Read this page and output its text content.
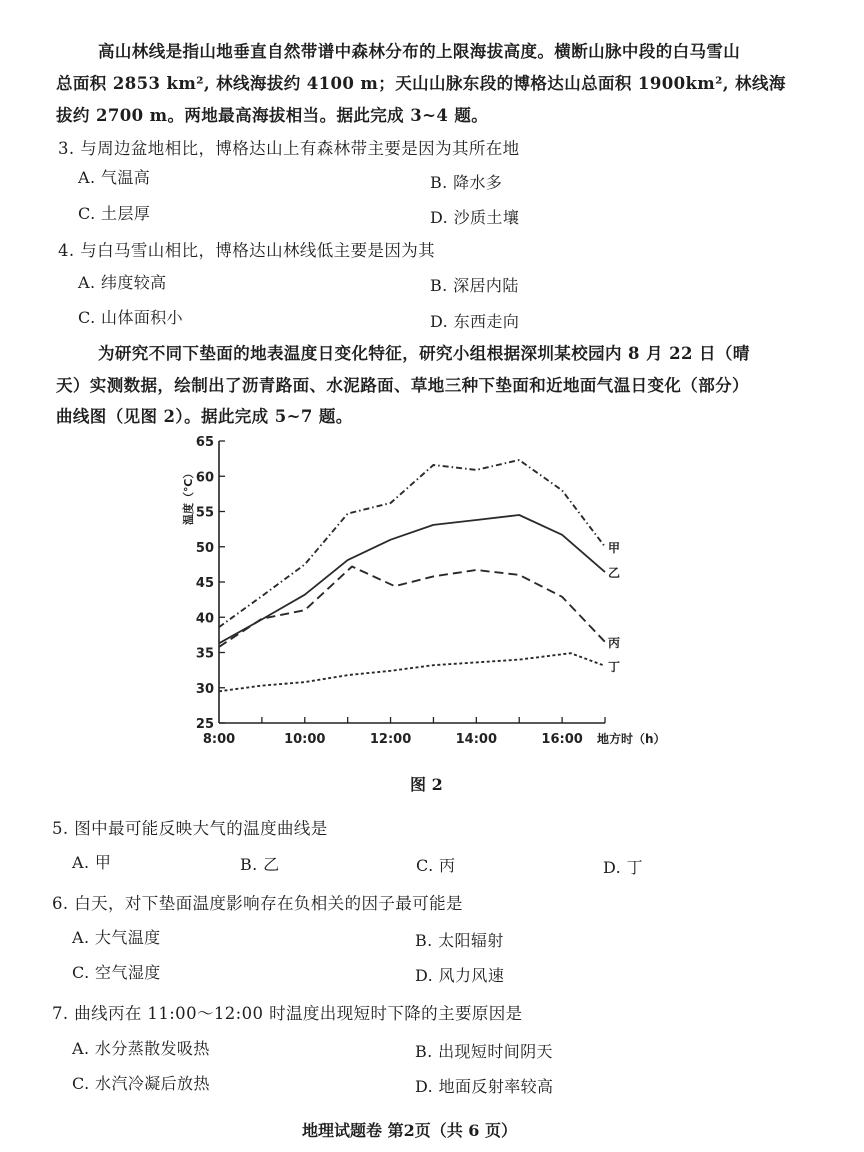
高山林线是指山地垂直自然带谱中森林分布的上限海拔高度。横断山脉中段的白马雪山
总面积 2853 km², 林线海拔约 4100 m；天山山脉东段的博格达山总面积 1900km², 林线海
拔约 2700 m。两地最高海拔相当。据此完成 3~4 题。
3. 与周边盆地相比，博格达山上有森林带主要是因为其所在地
A. 气温高	B. 降水多
C. 土层厚	D. 沙质土壤
4. 与白马雪山相比，博格达山林线低主要是因为其
A. 纬度较高	B. 深居内陆
C. 山体面积小	D. 东西走向
为研究不同下垫面的地表温度日变化特征，研究小组根据深圳某校园内 8 月 22 日（晴
天）实测数据，绘制出了沥青路面、水泥路面、草地三种下垫面和近地面气温日变化（部分）
曲线图（见图 2）。据此完成 5~7 题。
25
30
35
40
45
50
55
60
65
8:00	10:00	12:00	14:00	16:00 地方时（h）
温度（℃）
甲
乙
丙
丁
图 2
5. 图中最可能反映大气的温度曲线是
A. 甲	B. 乙	C. 丙	D. 丁
6. 白天，对下垫面温度影响存在负相关的因子最可能是
A. 大气温度	B. 太阳辐射
C. 空气湿度	D. 风力风速
7. 曲线丙在 11:00～12:00 时温度出现短时下降的主要原因是
A. 水分蒸散发吸热	B. 出现短时间阴天
C. 水汽冷凝后放热	D. 地面反射率较高
地理试题卷 第2页（共 6 页）
